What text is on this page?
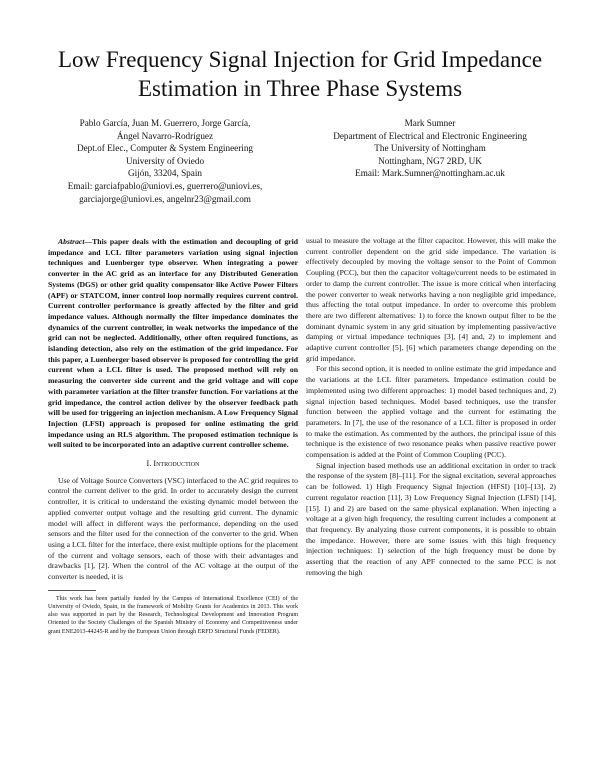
Low Frequency Signal Injection for Grid Impedance
Estimation in Three Phase Systems
Pablo García, Juan M. Guerrero, Jorge García,
Ángel Navarro-Rodríguez
Dept.of Elec., Computer & System Engineering
University of Oviedo
Gijón, 33204, Spain
Email: garciafpablo@uniovi.es, guerrero@uniovi.es,
garciajorge@uniovi.es, angelnr23@gmail.com
Mark Sumner
Department of Electrical and Electronic Engineering
The University of Nottingham
Nottingham, NG7 2RD, UK
Email: Mark.Sumner@nottingham.ac.uk

Abstract—This paper deals with the estimation and decoupling of grid impedance and LCL filter parameters variation using signal injection techniques and Luenberger type observer. When integrating a power converter in the AC grid as an interface for any Distributed Generation Systems (DGS) or other grid quality compensator like Active Power Filters (APF) or STATCOM, inner control loop normally requires current control. Current controller performance is greatly affected by the filter and grid impedance values. Although normally the filter impedance dominates the dynamics of the current controller, in weak networks the impedance of the grid can not be neglected. Additionally, other often required functions, as islanding detection, also rely on the estimation of the grid impedance. For this paper, a Luenberger based observer is proposed for controlling the grid current when a LCL filter is used. The proposed method will rely on measuring the converter side current and the grid voltage and will cope with parameter variation at the filter transfer function. For variations at the grid impedance, the control action deliver by the observer feedback path will be used for triggering an injection mechanism. A Low Frequency Signal Injection (LFSI) approach is proposed for online estimating the grid impedance using an RLS algorithm. The proposed estimation technique is well suited to be incorporated into an adaptive current controller scheme.

I. Introduction

Use of Voltage Source Converters (VSC) interfaced to the AC grid requires to control the current deliver to the grid. In order to accurately design the current controller, it is critical to understand the existing dynamic model between the applied converter output voltage and the resulting grid current. The dynamic model will affect in different ways the performance, depending on the used sensors and the filter used for the connection of the converter to the grid. When using a LCL filter for the interface, there exist multiple options for the placement of the current and voltage sensors, each of those with their advantages and drawbacks [1], [2]. When the control of the AC voltage at the output of the converter is needed, it is

This work has been partially funded by the Campus of International Excellence (CEI) of the University of Oviedo, Spain, in the framework of Mobility Grants for Academics in 2013. This work also was supported in part by the Research, Technological Development and Innovation Program Oriented to the Society Challenges of the Spanish Ministry of Economy and Competitiveness under grant ENE2013-44245-R and by the European Union through ERFD Structural Funds (FEDER).

usual to measure the voltage at the filter capacitor. However, this will make the current controller dependent on the grid side impedance. The variation is effectively decoupled by moving the voltage sensor to the Point of Common Coupling (PCC), but then the capacitor voltage/current needs to be estimated in order to damp the current controller. The issue is more critical when interfacing the power converter to weak networks having a non negligible grid impedance, thus affecting the total output impedance. In order to overcome this problem there are two different alternatives: 1) to force the known output filter to be the dominant dynamic system in any grid situation by implementing passive/active damping or virtual impedance techniques [3], [4] and, 2) to implement and adaptive current controller [5], [6] which parameters change depending on the grid impedance.

For this second option, it is needed to online estimate the grid impedance and the variations at the LCL filter parameters. Impedance estimation could be implemented using two different approaches: 1) model based techniques and, 2) signal injection based techniques. Model based techniques, use the transfer function between the applied voltage and the current for estimating the parameters. In [7], the use of the resonance of a LCL filter is proposed in order to make the estimation. As commented by the authors, the principal issue of this technique is the existence of two resonance peaks when passive reactive power compensation is added at the Point of Common Coupling (PCC).

Signal injection based methods use an additional excitation in order to track the response of the system [8]–[11]. For the signal excitation, several approaches can be followed. 1) High Frequency Signal Injection (HFSI) [10]–[13], 2) current regulator reaction [11], 3) Low Frequency Signal Injection (LFSI) [14], [15]. 1) and 2) are based on the same physical explanation. When injecting a voltage at a given high frequency, the resulting current includes a component at that frequency. By analyzing those current components, it is possible to obtain the impedance. However, there are some issues with this high frequency injection techniques: 1) selection of the high frequency must be done by asserting that the reaction of any APF connected to the same PCC is not removing the high
